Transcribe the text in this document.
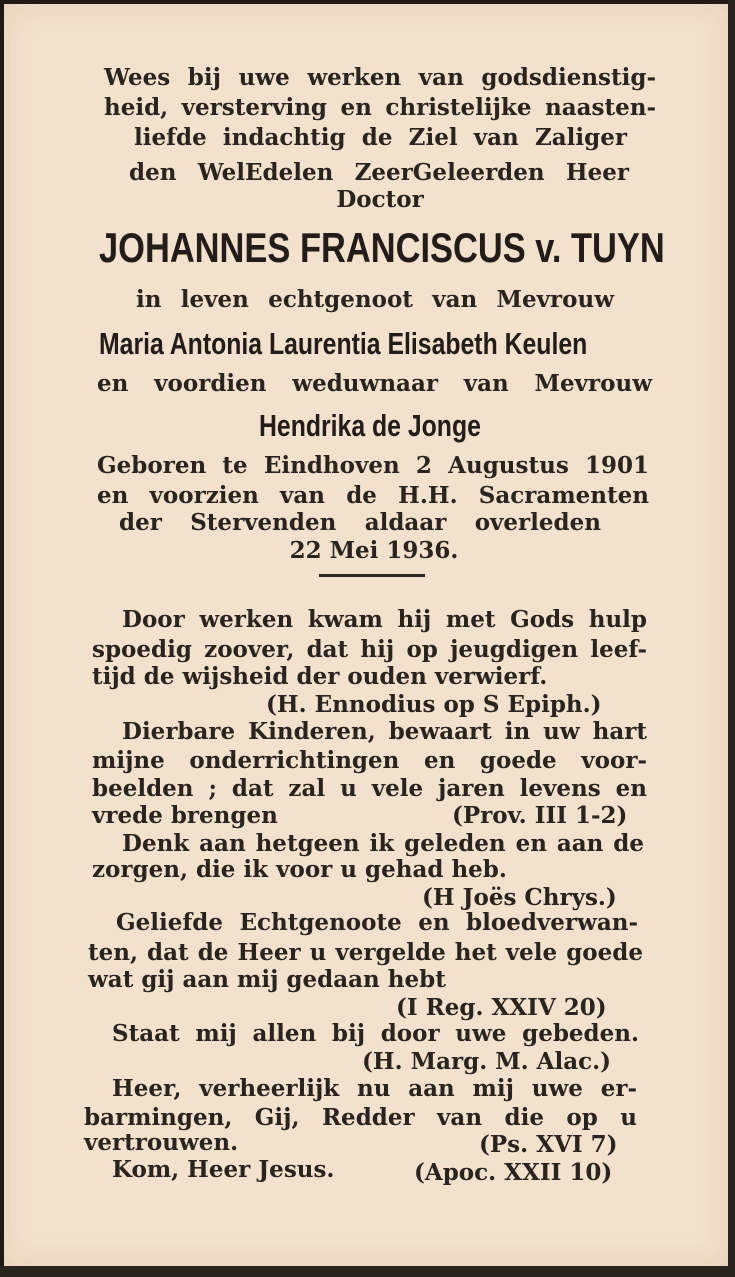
Wees bij uwe werken van godsdienstig-
heid, versterving en christelijke naasten-
liefde indachtig de Ziel van Zaliger
den WelEdelen ZeerGeleerden Heer
Doctor
JOHANNES FRANCISCUS v. TUYN
in leven echtgenoot van Mevrouw
Maria Antonia Laurentia Elisabeth Keulen
en voordien weduwnaar van Mevrouw
Hendrika de Jonge
Geboren te Eindhoven 2 Augustus 1901
en voorzien van de H.H. Sacramenten
der Stervenden aldaar overleden
22 Mei 1936.
Door werken kwam hij met Gods hulp
spoedig zoover, dat hij op jeugdigen leef-
tijd de wijsheid der ouden verwierf.
(H. Ennodius op S Epiph.)
Dierbare Kinderen, bewaart in uw hart
mijne onderrichtingen en goede voor-
beelden ; dat zal u vele jaren levens en
vrede brengen	(Prov. III 1-2)
Denk aan hetgeen ik geleden en aan de
zorgen, die ik voor u gehad heb.
(H Joës Chrys.)
Geliefde Echtgenoote en bloedverwan-
ten, dat de Heer u vergelde het vele goede
wat gij aan mij gedaan hebt
(I Reg. XXIV 20)
Staat mij allen bij door uwe gebeden.
(H. Marg. M. Alac.)
Heer, verheerlijk nu aan mij uwe er-
barmingen, Gij, Redder van die op u
vertrouwen.	(Ps. XVI 7)
Kom, Heer Jesus.	(Apoc. XXII 10)
